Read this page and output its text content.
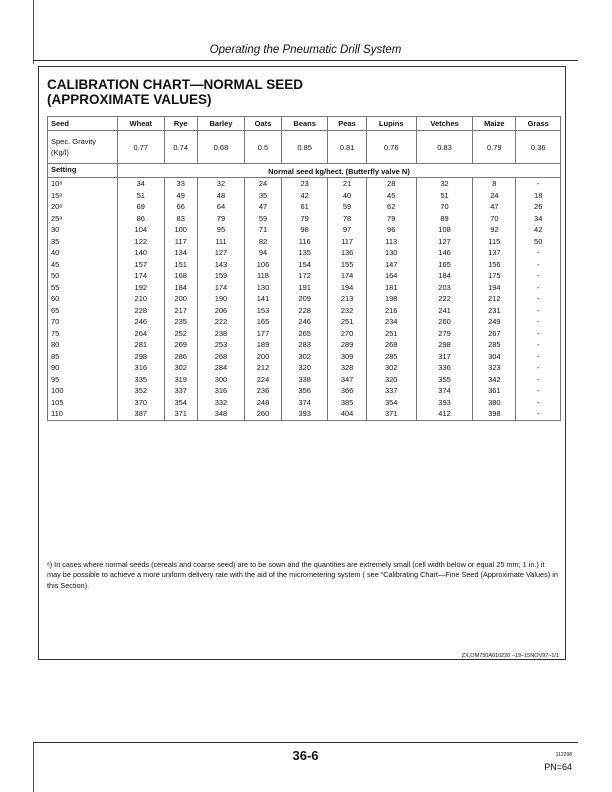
Operating the Pneumatic Drill System
CALIBRATION CHART—NORMAL SEED
(APPROXIMATE VALUES)
Seed	Wheat	Rye	Barley	Oats	Beans	Peas	Lupins	Vetches	Maize	Grass
Spec. Gravity (Kg/l)	0.77	0.74	0.68	0.5	0.85	0.81	0.76	0.83	0.79	0.36
Setting	Normal seed kg/hect. (Butterfly valve N)									
10ᵃ	34	33	32	24	23	21	28	32	8	-
15ᵃ	51	49	48	35	42	40	45	51	24	18
20ᵃ	69	66	64	47	61	59	62	70	47	26
25ᵃ	86	83	79	59	79	78	79	89	70	34
30	104	100	95	71	98	97	96	108	92	42
35	122	117	111	82	116	117	113	127	115	50
40	140	134	127	94	135	136	130	146	137	-
45	157	151	143	106	154	155	147	165	156	-
50	174	168	159	118	172	174	164	184	175	-
55	192	184	174	130	191	194	181	203	194	-
60	210	200	190	141	209	213	198	222	212	-
65	228	217	206	153	228	232	216	241	231	-
70	246	235	222	165	246	251	234	260	249	-
75	264	252	238	177	265	270	251	279	267	-
80	281	269	253	189	283	289	268	298	285	-
85	298	286	268	200	302	309	285	317	304	-
90	316	302	284	212	320	328	302	336	323	-
95	335	319	300	224	338	347	320	355	342	-
100	352	337	316	236	356	366	337	374	361	-
105	370	354	332	248	374	385	354	393	380	-
110	387	371	348	260	393	404	371	412	398	-
ᵃ) In cases where normal seeds (cereals and coarse seed) are to be sown and the quantities are extremely small (cell width below or equal 25 mm; 1 in.) it may be possible to achieve a more uniform delivery rate with the aid of the micrometering system ( see “Calibrating Chart—Fine Seed (Approximate Values) in this Section).
ZX,OM750A010220 –19–15NOV97–1/1
36-6	112298
PN=64
